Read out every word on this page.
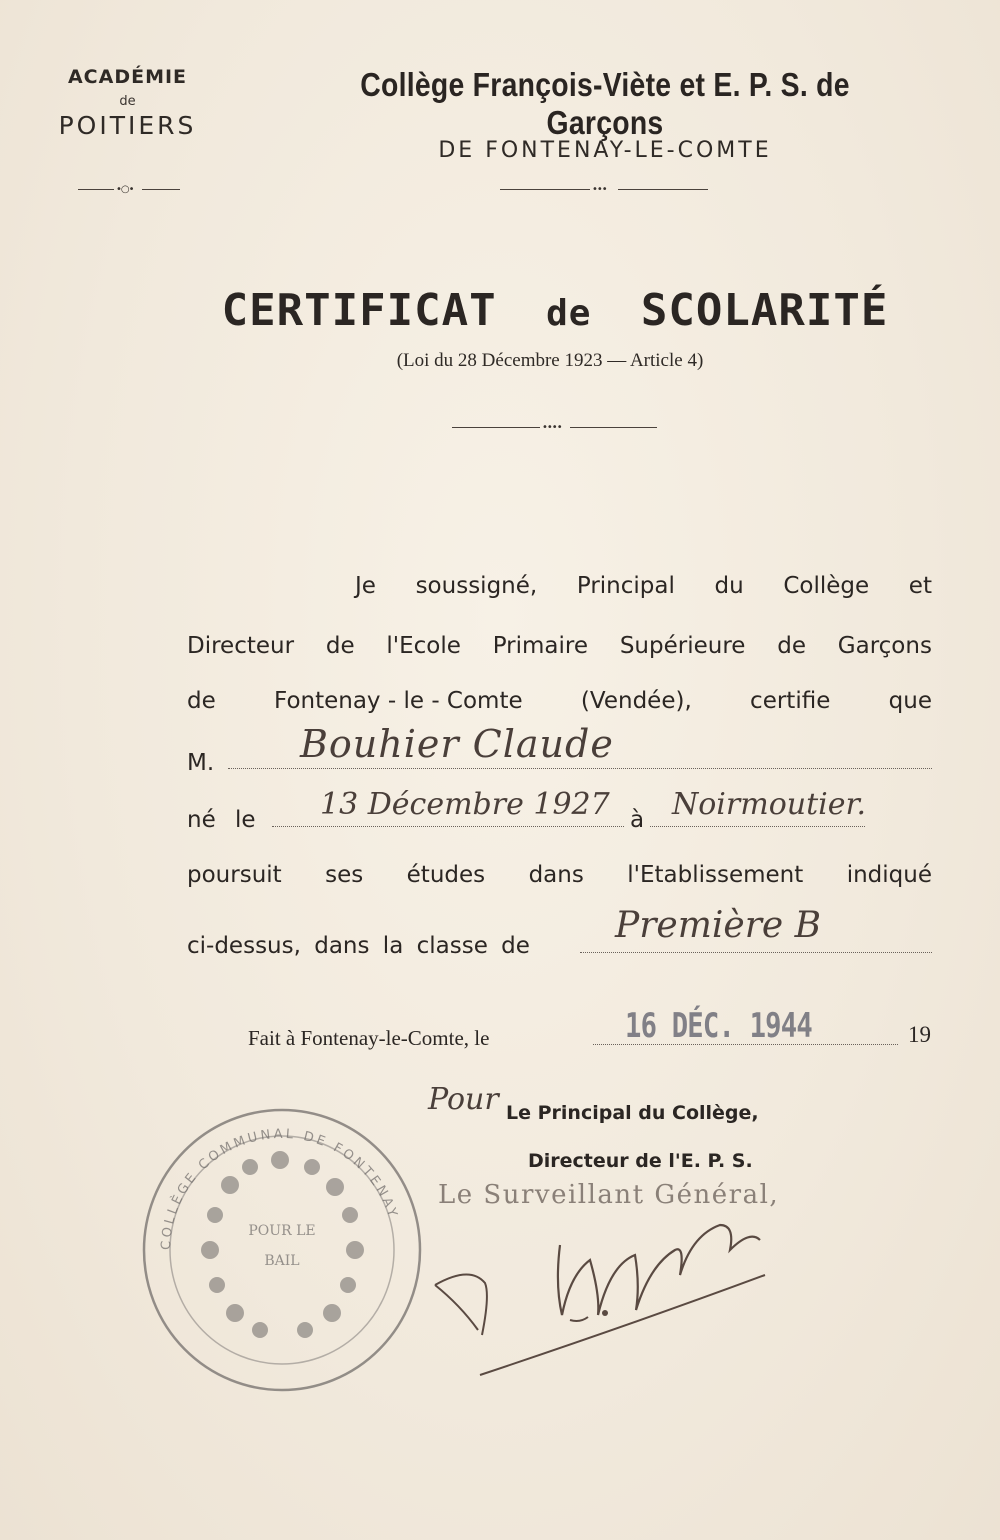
ACADÉMIE
de
POITIERS
•○•
Collège François-Viète et E. P. S. de Garçons
DE FONTENAY-LE-COMTE
•••
CERTIFICAT de SCOLARITÉ
(Loi du 28 Décembre 1923 — Article 4)
••••
Je soussigné, Principal du Collège et
Directeur de l'Ecole Primaire Supérieure de Garçons
de	Fontenay - le - Comte	(Vendée),	certifie	que
M. Bouhier Claude
né le 13 Décembre 1927 à Noirmoutier.
poursuit ses études dans l'Etablissement indiqué
ci-dessus, dans la classe de Première B
Fait à Fontenay-le-Comte, le	16 DÉC. 1944	19
Pour Le Principal du Collège,
Directeur de l'E. P. S.
Le Surveillant Général,
POUR LE
BAIL
COLLÈGE COMMUNAL DE FONTENAY
